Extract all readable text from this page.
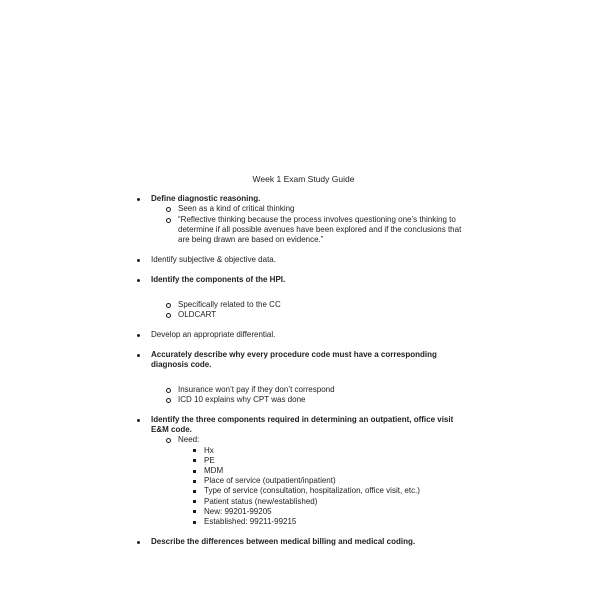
Week 1 Exam Study Guide
Define diagnostic reasoning.
Seen as a kind of critical thinking
“Reflective thinking because the process involves questioning one’s thinking to determine if all possible avenues have been explored and if the conclusions that are being drawn are based on evidence.”
Identify subjective & objective data.
Identify the components of the HPI.
Specifically related to the CC
OLDCART
Develop an appropriate differential.
Accurately describe why every procedure code must have a corresponding diagnosis code.
Insurance won’t pay if they don’t correspond
ICD 10 explains why CPT was done
Identify the three components required in determining an outpatient, office visit E&M code.
Need:
Hx
PE
MDM
Place of service (outpatient/inpatient)
Type of service (consultation, hospitalization, office visit, etc.)
Patient status (new/established)
New: 99201-99205
Established: 99211-99215
Describe the differences between medical billing and medical coding.
